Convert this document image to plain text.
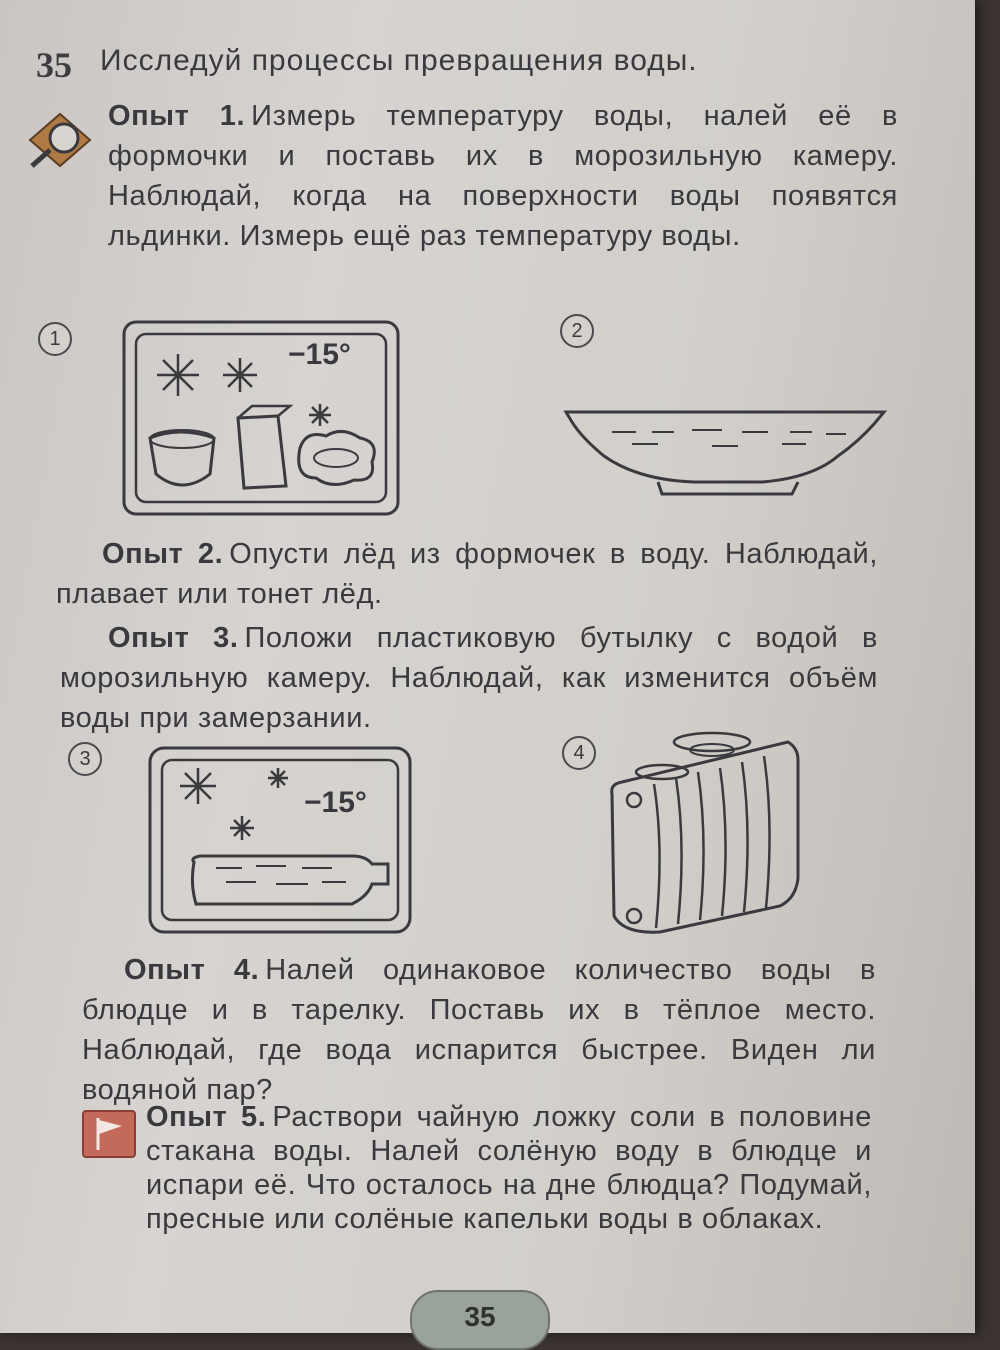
35 Исследуй процессы превращения воды.
Опыт 1. Измерь температуру воды, налей её в формочки и поставь их в морозильную камеру. Наблюдай, когда на поверхности воды появятся льдинки. Измерь ещё раз температуру воды.
1	−15°
2
Опыт 2. Опусти лёд из формочек в воду. Наблюдай, плавает или тонет лёд.
Опыт 3. Положи пластиковую бутылку с водой в морозильную камеру. Наблюдай, как изменится объём воды при замерзании.
3
−15°
4
Опыт 4. Налей одинаковое количество воды в блюдце и в тарелку. Поставь их в тёплое место. Наблюдай, где вода испарится быстрее. Виден ли водяной пар?
Опыт 5. Раствори чайную ложку соли в половине стакана воды. Налей солёную воду в блюдце и испари её. Что осталось на дне блюдца? Подумай, пресные или солёные капельки воды в облаках.
35
